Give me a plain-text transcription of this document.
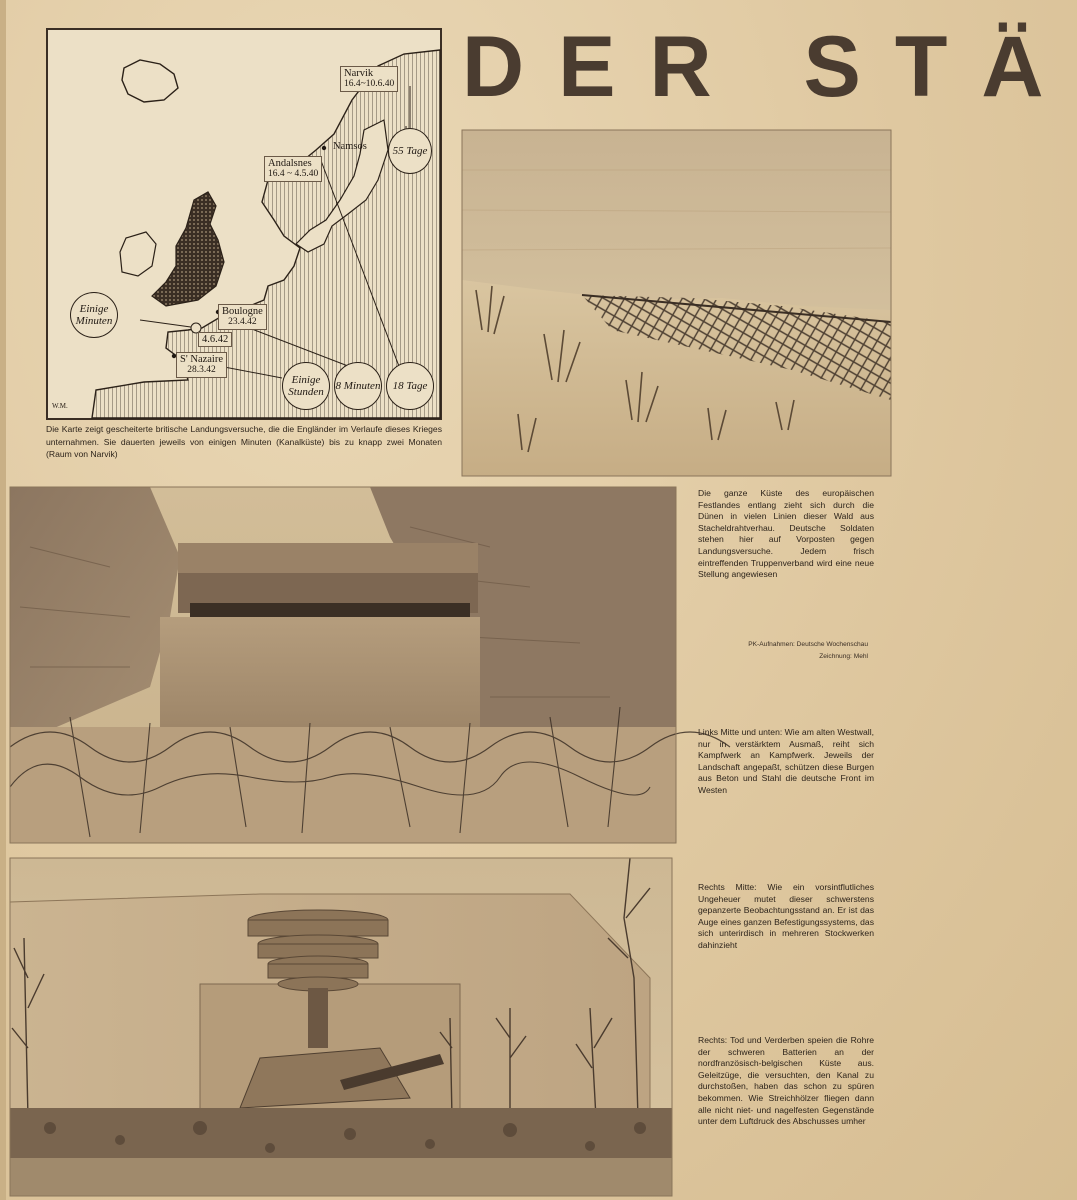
DER STÄ
Narvik
16.4~10.6.40
Namsos
Andalsnes
16.4 ~ 4.5.40
Boulogne
23.4.42
4.6.42
S' Nazaire
28.3.42
55 Tage
Einige Minuten
Einige Stunden	8 Minuten	18 Tage
W.M.
Die Karte zeigt gescheiterte britische Landungsversuche, die die Engländer im Verlaufe dieses Krieges unternahmen. Sie dauerten jeweils von einigen Minuten (Kanalküste) bis zu knapp zwei Monaten (Raum von Narvik)
Die ganze Küste des europäischen Festlandes entlang zieht sich durch die Dünen in vielen Linien dieser Wald aus Stacheldrahtverhau. Deutsche Soldaten stehen hier auf Vorposten gegen Landungsversuche. Jedem frisch eintreffenden Truppenverband wird eine neue Stellung angewiesen
PK-Aufnahmen: Deutsche Wochenschau
Zeichnung: Mehl
Links Mitte und unten: Wie am alten Westwall, nur in verstärktem Ausmaß, reiht sich Kampfwerk an Kampfwerk. Jeweils der Landschaft angepaßt, schützen diese Burgen aus Beton und Stahl die deutsche Front im Westen
Rechts Mitte: Wie ein vorsintflutliches Ungeheuer mutet dieser schwerstens gepanzerte Beobachtungsstand an. Er ist das Auge eines ganzen Befestigungssystems, das sich unterirdisch in mehreren Stockwerken dahinzieht
Rechts: Tod und Verderben speien die Rohre der schweren Batterien an der nordfranzösisch-belgischen Küste aus. Geleitzüge, die versuchten, den Kanal zu durchstoßen, haben das schon zu spüren bekommen. Wie Streichhölzer fliegen dann alle nicht niet- und nagelfesten Gegenstände unter dem Luftdruck des Abschusses umher
